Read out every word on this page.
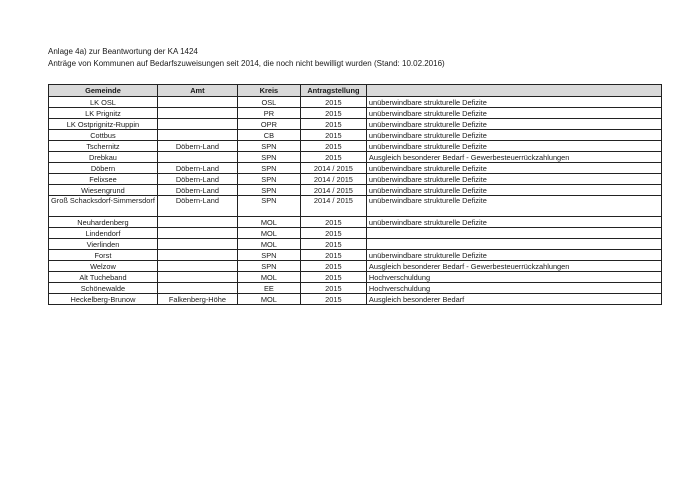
Anlage 4a) zur Beantwortung der KA 1424
Anträge von Kommunen auf Bedarfszuweisungen seit 2014, die noch nicht bewilligt wurden (Stand: 10.02.2016)
Gemeinde	Amt	Kreis	Antragstellung	
LK OSL		OSL	2015	unüberwindbare strukturelle Defizite
LK Prignitz		PR	2015	unüberwindbare strukturelle Defizite
LK Ostprignitz-Ruppin		OPR	2015	unüberwindbare strukturelle Defizite
Cottbus		CB	2015	unüberwindbare strukturelle Defizite
Tschernitz	Döbern-Land	SPN	2015	unüberwindbare strukturelle Defizite
Drebkau		SPN	2015	Ausgleich besonderer Bedarf - Gewerbesteuerrückzahlungen
Döbern	Döbern-Land	SPN	2014 / 2015	unüberwindbare strukturelle Defizite
Felixsee	Döbern-Land	SPN	2014 / 2015	unüberwindbare strukturelle Defizite
Wiesengrund	Döbern-Land	SPN	2014 / 2015	unüberwindbare strukturelle Defizite
Groß Schacksdorf-Simmersdorf	Döbern-Land	SPN	2014 / 2015	unüberwindbare strukturelle Defizite
Neuhardenberg		MOL	2015	unüberwindbare strukturelle Defizite
Lindendorf		MOL	2015	
Vierlinden		MOL	2015	
Forst		SPN	2015	unüberwindbare strukturelle Defizite
Welzow		SPN	2015	Ausgleich besonderer Bedarf - Gewerbesteuerrückzahlungen
Alt Tucheband		MOL	2015	Hochverschuldung
Schönewalde		EE	2015	Hochverschuldung
Heckelberg-Brunow	Falkenberg-Höhe	MOL	2015	Ausgleich besonderer Bedarf
